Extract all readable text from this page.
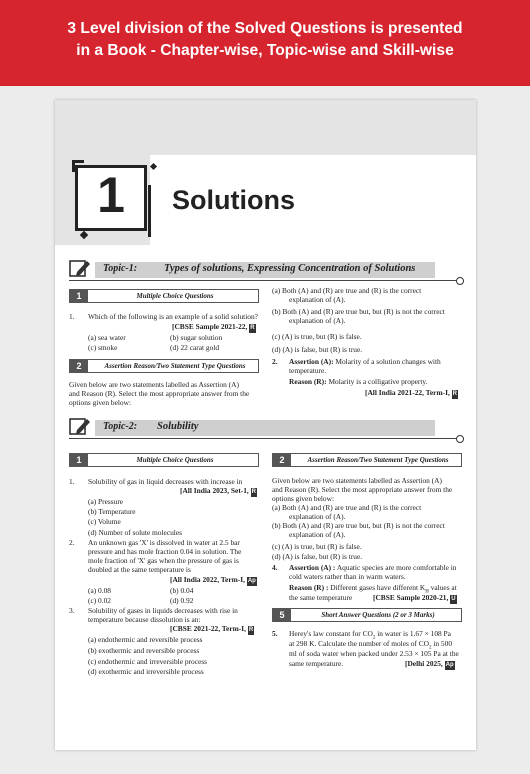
3 Level division of the Solved Questions is presented
in a Book - Chapter-wise, Topic-wise and Skill-wise
1	Solutions
Topic-1:	Types of solutions, Expressing Concentration of Solutions
1	Multiple Choice Questions
1. Which of the following is an example of a solid solution?
[CBSE Sample 2021-22, R
(a) sea water	(b) sugar solution
(c) smoke	(d) 22 carat gold
2	Assertion Reason/Two Statement Type Questions
Given below are two statements labelled as Assertion (A)
and Reason (R). Select the most appropriate answer from the
options given below:
(a) Both (A) and (R) are true and (R) is the correct
explanation of (A).
(b) Both (A) and (R) are true but, but (R) is not the correct
explanation of (A).
(c) (A) is true, but (R) is false.
(d) (A) is false, but (R) is true.
2. Assertion (A): Molarity of a solution changes with
temperature.
Reason (R): Molarity is a colligative property.
[All India 2021-22, Term-I, R
Topic-2: Solubility
1	Multiple Choice Questions
1. Solubility of gas in liquid decreases with increase in
[All India 2023, Set-1, R
(a) Pressure
(b) Temperature
(c) Volume
(d) Number of solute molecules
2. An unknown gas 'X' is dissolved in water at 2.5 bar
pressure and has mole fraction 0.04 in solution. The
mole fraction of 'X' gas when the pressure of gas is
doubled at the same temperature is
[All India 2022, Term-I, Ap
(a) 0.08	(b) 0.04
(c) 0.02	(d) 0.92
3. Solubility of gases in liquids decreases with rise in
temperature because dissolution is an:
[CBSE 2021-22, Term-I, R
(a) endothermic and reversible process
(b) exothermic and reversible process
(c) endothermic and irreversible process
(d) exothermic and irreversible process
2	Assertion Reason/Two Statement Type Questions
Given below are two statements labelled as Assertion (A)
and Reason (R). Select the most appropriate answer from the
options given below:
(a) Both (A) and (R) are true and (R) is the correct
explanation of (A).
(b) Both (A) and (R) are true but, but (R) is not the correct
explanation of (A).
(c) (A) is true, but (R) is false.
(d) (A) is false, but (R) is true.
4. Assertion (A) : Aquatic species are more comfortable in
cold waters rather than in warm waters.
Reason (R) : Different gases have different $K_H$ values at
the same temperature	[CBSE Sample 2020-21, U
5	Short Answer Questions (2 or 3 Marks)
5. Herey's law constant for $CO_2$ in water is 1.67 × 108 Pa
at 298 K. Calculate the number of moles of $CO_2$ in 500
ml of soda water when packed under 2.53 × 105 Pa at the
same temperature.	[Delhi 2025, Ap
